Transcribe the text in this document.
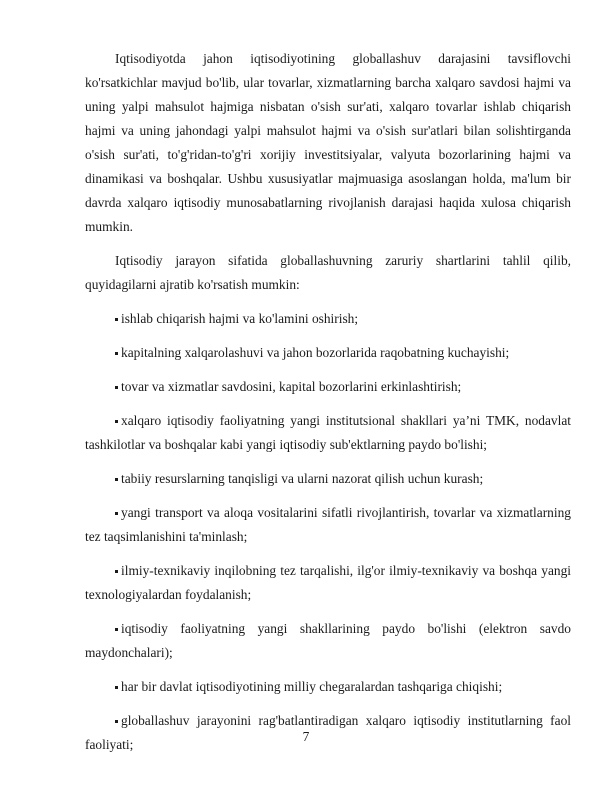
Iqtisodiyotda jahon iqtisodiyotining globallashuv darajasini tavsiflovchi ko'rsatkichlar mavjud bo'lib, ular tovarlar, xizmatlarning barcha xalqaro savdosi hajmi va uning yalpi mahsulot hajmiga nisbatan o'sish sur'ati, xalqaro tovarlar ishlab chiqarish hajmi va uning jahondagi yalpi mahsulot hajmi va o'sish sur'atlari bilan solishtirganda o'sish sur'ati, to'g'ridan-to'g'ri xorijiy investitsiyalar, valyuta bozorlarining hajmi va dinamikasi va boshqalar. Ushbu xususiyatlar majmuasiga asoslangan holda, ma'lum bir davrda xalqaro iqtisodiy munosabatlarning rivojlanish darajasi haqida xulosa chiqarish mumkin.

Iqtisodiy jarayon sifatida globallashuvning zaruriy shartlarini tahlil qilib, quyidagilarni ajratib ko'rsatish mumkin:

ishlab chiqarish hajmi va ko'lamini oshirish;
kapitalning xalqarolashuvi va jahon bozorlarida raqobatning kuchayishi;
tovar va xizmatlar savdosini, kapital bozorlarini erkinlashtirish;
xalqaro iqtisodiy faoliyatning yangi institutsional shakllari ya’ni TMK, nodavlat tashkilotlar va boshqalar kabi yangi iqtisodiy sub'ektlarning paydo bo'lishi;
tabiiy resurslarning tanqisligi va ularni nazorat qilish uchun kurash;
yangi transport va aloqa vositalarini sifatli rivojlantirish, tovarlar va xizmatlarning tez taqsimlanishini ta'minlash;
ilmiy-texnikaviy inqilobning tez tarqalishi, ilg'or ilmiy-texnikaviy va boshqa yangi texnologiyalardan foydalanish;
iqtisodiy faoliyatning yangi shakllarining paydo bo'lishi (elektron savdo maydonchalari);
har bir davlat iqtisodiyotining milliy chegaralardan tashqariga chiqishi;
globallashuv jarayonini rag'batlantiradigan xalqaro iqtisodiy institutlarning faol faoliyati;
7
